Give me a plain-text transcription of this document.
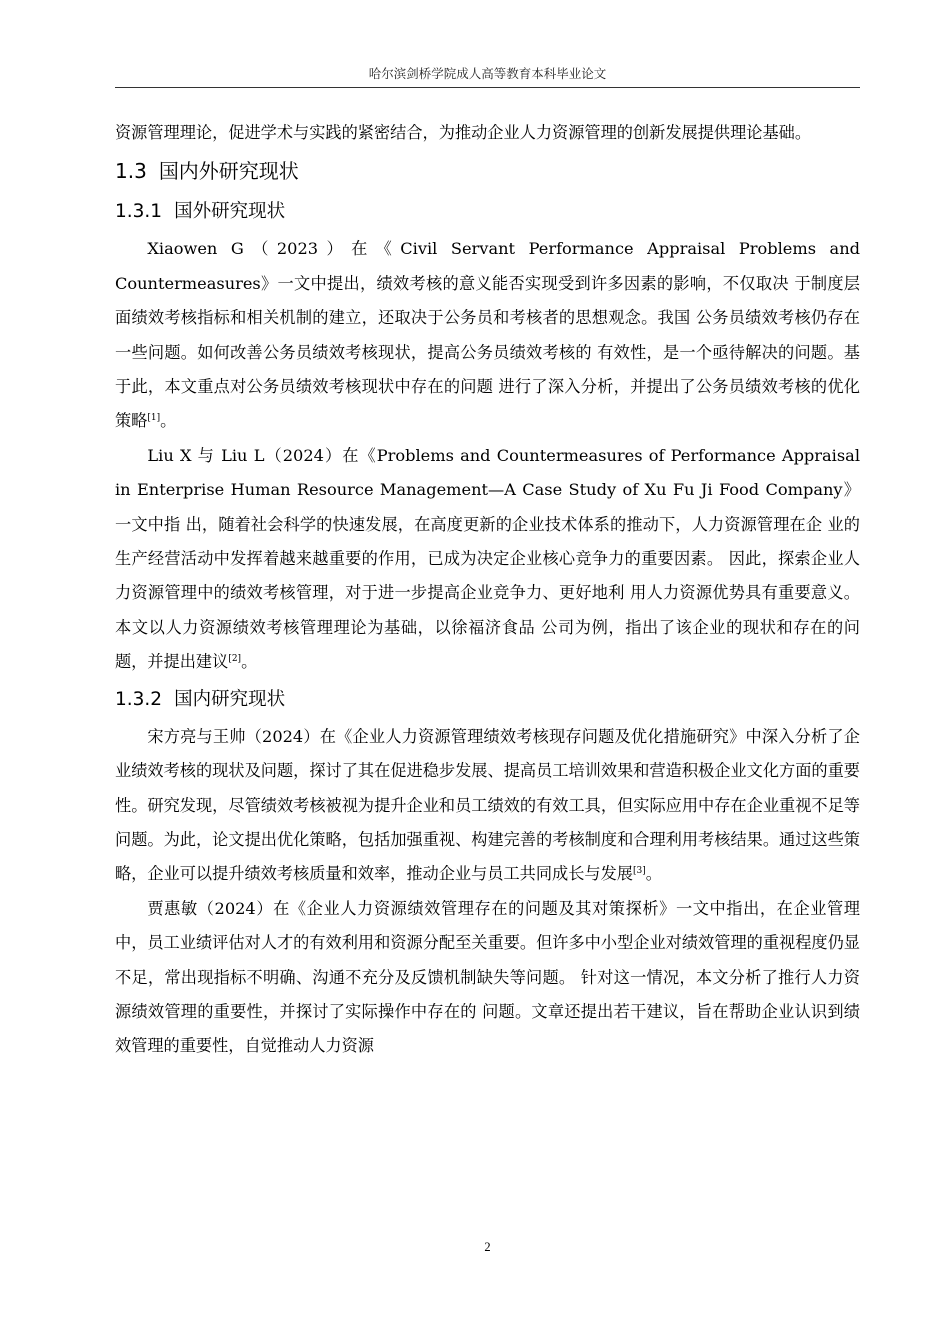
哈尔滨剑桥学院成人高等教育本科毕业论文

资源管理理论，促进学术与实践的紧密结合，为推动企业人力资源管理的创新发展提供理论基础。

1.3 国内外研究现状
1.3.1 国外研究现状

Xiaowen G（2023）在《Civil Servant Performance Appraisal Problems and Countermeasures》一文中提出，绩效考核的意义能否实现受到许多因素的影响，不仅取决 于制度层面绩效考核指标和相关机制的建立，还取决于公务员和考核者的思想观念。我国 公务员绩效考核仍存在一些问题。如何改善公务员绩效考核现状，提高公务员绩效考核的 有效性，是一个亟待解决的问题。基于此，本文重点对公务员绩效考核现状中存在的问题 进行了深入分析，并提出了公务员绩效考核的优化策略[1]。

Liu X 与 Liu L（2024）在《Problems and Countermeasures of Performance Appraisal in Enterprise Human Resource Management—A Case Study of Xu Fu Ji Food Company》一文中指 出，随着社会科学的快速发展，在高度更新的企业技术体系的推动下，人力资源管理在企 业的生产经营活动中发挥着越来越重要的作用，已成为决定企业核心竞争力的重要因素。 因此，探索企业人力资源管理中的绩效考核管理，对于进一步提高企业竞争力、更好地利 用人力资源优势具有重要意义。本文以人力资源绩效考核管理理论为基础，以徐福济食品 公司为例，指出了该企业的现状和存在的问题，并提出建议[2]。

1.3.2 国内研究现状

宋方亮与王帅（2024）在《企业人力资源管理绩效考核现存问题及优化措施研究》中深入分析了企业绩效考核的现状及问题，探讨了其在促进稳步发展、提高员工培训效果和营造积极企业文化方面的重要性。研究发现，尽管绩效考核被视为提升企业和员工绩效的有效工具，但实际应用中存在企业重视不足等问题。为此，论文提出优化策略，包括加强重视、构建完善的考核制度和合理利用考核结果。通过这些策略，企业可以提升绩效考核质量和效率，推动企业与员工共同成长与发展[3]。

贾惠敏（2024）在《企业人力资源绩效管理存在的问题及其对策探析》一文中指出，在企业管理中，员工业绩评估对人才的有效利用和资源分配至关重要。但许多中小型企业对绩效管理的重视程度仍显不足，常出现指标不明确、沟通不充分及反馈机制缺失等问题。 针对这一情况，本文分析了推行人力资源绩效管理的重要性，并探讨了实际操作中存在的 问题。文章还提出若干建议，旨在帮助企业认识到绩效管理的重要性，自觉推动人力资源

2
